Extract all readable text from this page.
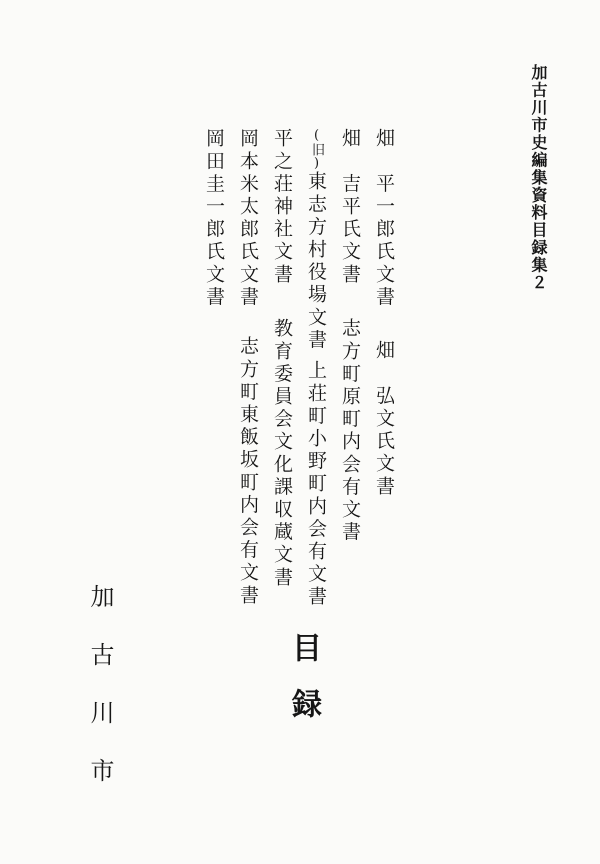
加古川市史編集資料目録集２
畑　平一郎氏文書
畑　弘文氏文書
畑　吉平氏文書
志方町原町内会有文書
(旧)東志方村役場文書
上荘町小野町内会有文書
平之荘神社文書
教育委員会文化課収蔵文書
岡本米太郎氏文書
志方町東飯坂町内会有文書
岡田圭一郎氏文書
目録
加古川市
